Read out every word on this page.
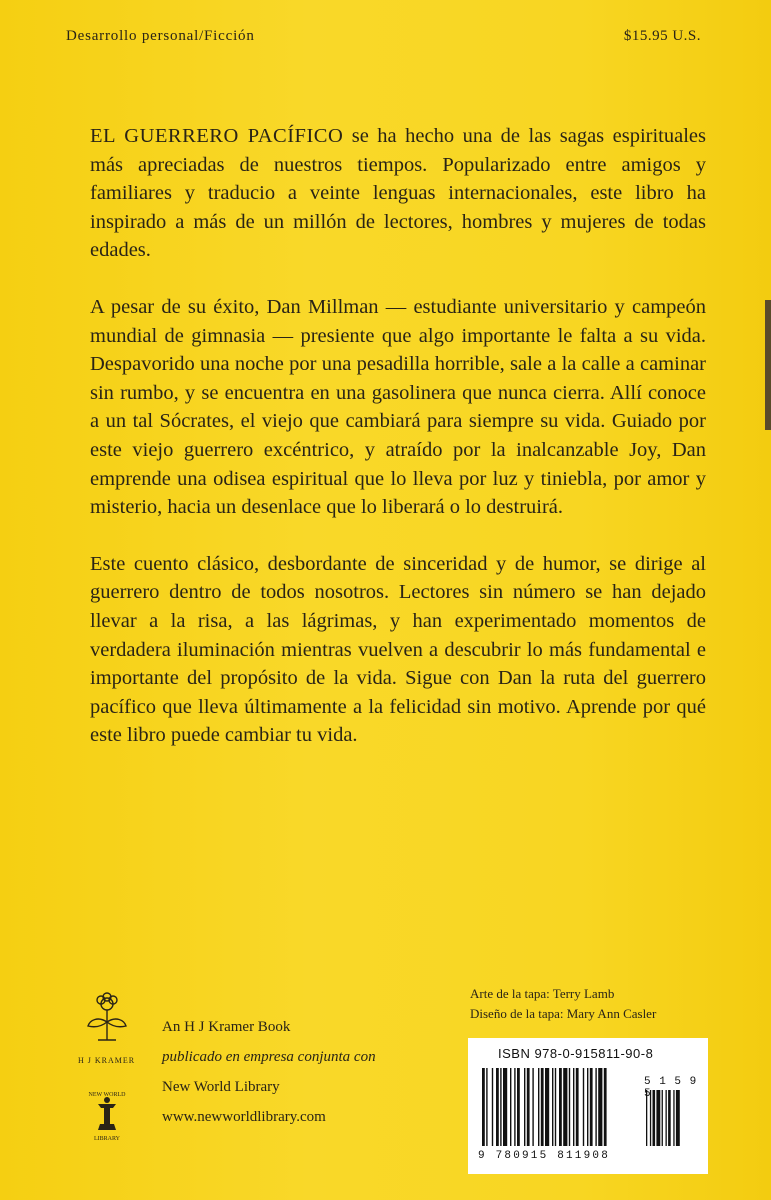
Desarrollo personal/Ficción	$15.95 U.S.

EL GUERRERO PACÍFICO se ha hecho una de las sagas espirituales más apreciadas de nuestros tiempos. Popularizado entre amigos y familiares y traducio a veinte lenguas internacionales, este libro ha inspirado a más de un millón de lectores, hombres y mujeres de todas edades.

A pesar de su éxito, Dan Millman — estudiante universitario y campeón mundial de gimnasia — presiente que algo importante le falta a su vida. Despavorido una noche por una pesadilla horrible, sale a la calle a caminar sin rumbo, y se encuentra en una gasolinera que nunca cierra. Allí conoce a un tal Sócrates, el viejo que cambiará para siempre su vida. Guiado por este viejo guerrero excéntrico, y atraído por la inalcanzable Joy, Dan emprende una odisea espiritual que lo lleva por luz y tiniebla, por amor y misterio, hacia un desenlace que lo liberará o lo destruirá.

Este cuento clásico, desbordante de sinceridad y de humor, se dirige al guerrero dentro de todos nosotros. Lectores sin número se han dejado llevar a la risa, a las lágrimas, y han experimentado momentos de verdadera iluminación mientras vuelven a descubrir lo más fundamental e importante del propósito de la vida. Sigue con Dan la ruta del guerrero pacífico que lleva últimamente a la felicidad sin motivo. Aprende por qué este libro puede cambiar tu vida.

H J KRAMER
NEW WORLD
LIBRARY
An H J Kramer Book
publicado en empresa conjunta con
New World Library
www.newworldlibrary.com
Arte de la tapa: Terry Lamb
Diseño de la tapa: Mary Ann Casler
ISBN 978-0-915811-90-8
5 1 5 9 5
9 780915 811908
